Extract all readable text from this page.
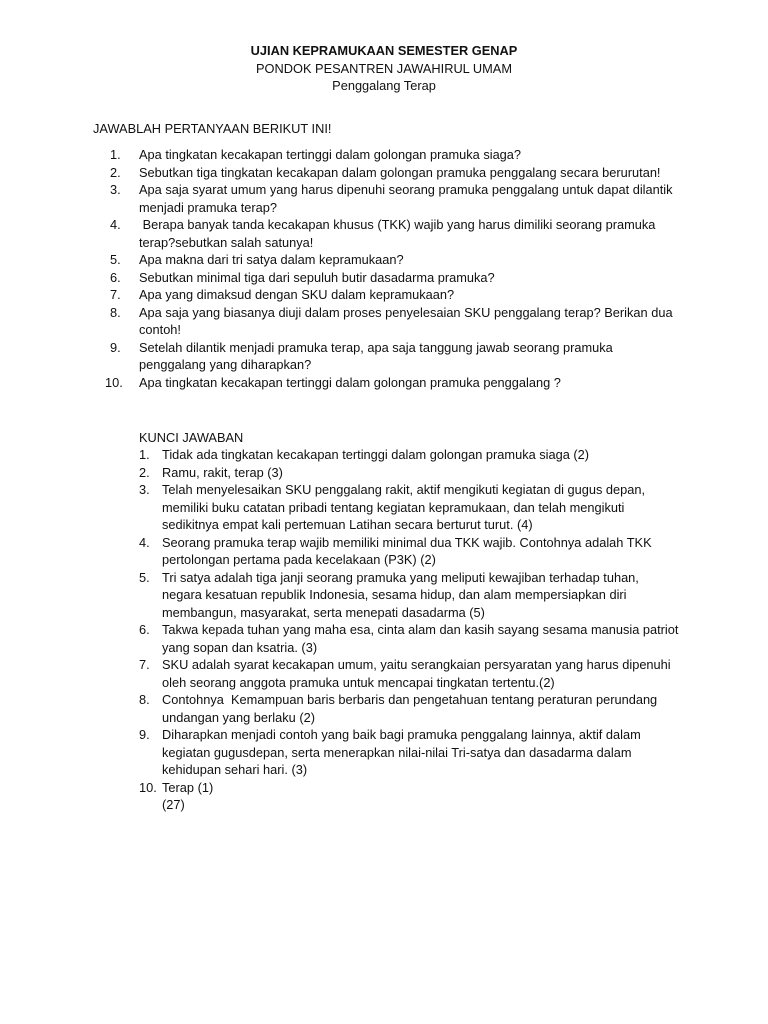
UJIAN KEPRAMUKAAN SEMESTER GENAP
PONDOK PESANTREN JAWAHIRUL UMAM
Penggalang Terap
JAWABLAH PERTANYAAN BERIKUT INI!
1.	Apa tingkatan kecakapan tertinggi dalam golongan pramuka siaga?
2.	Sebutkan tiga tingkatan kecakapan dalam golongan pramuka penggalang secara berurutan!
3.	Apa saja syarat umum yang harus dipenuhi seorang pramuka penggalang untuk dapat dilantik menjadi pramuka terap?
4.	Berapa banyak tanda kecakapan khusus (TKK) wajib yang harus dimiliki seorang pramuka terap?sebutkan salah satunya!
5.	Apa makna dari tri satya dalam kepramukaan?
6.	Sebutkan minimal tiga dari sepuluh butir dasadarma pramuka?
7.	Apa yang dimaksud dengan SKU dalam kepramukaan?
8.	Apa saja yang biasanya diuji dalam proses penyelesaian SKU penggalang terap? Berikan dua contoh!
9.	Setelah dilantik menjadi pramuka terap, apa saja tanggung jawab seorang pramuka penggalang yang diharapkan?
10.	Apa tingkatan kecakapan tertinggi dalam golongan pramuka penggalang ?
KUNCI JAWABAN
1. Tidak ada tingkatan kecakapan tertinggi dalam golongan pramuka siaga (2)
2. Ramu, rakit, terap (3)
3. Telah menyelesaikan SKU penggalang rakit, aktif mengikuti kegiatan di gugus depan, memiliki buku catatan pribadi tentang kegiatan kepramukaan, dan telah mengikuti sedikitnya empat kali pertemuan Latihan secara berturut turut. (4)
4. Seorang pramuka terap wajib memiliki minimal dua TKK wajib. Contohnya adalah TKK pertolongan pertama pada kecelakaan (P3K) (2)
5. Tri satya adalah tiga janji seorang pramuka yang meliputi kewajiban terhadap tuhan, negara kesatuan republik Indonesia, sesama hidup, dan alam mempersiapkan diri membangun, masyarakat, serta menepati dasadarma (5)
6. Takwa kepada tuhan yang maha esa, cinta alam dan kasih sayang sesama manusia patriot yang sopan dan ksatria. (3)
7. SKU adalah syarat kecakapan umum, yaitu serangkaian persyaratan yang harus dipenuhi oleh seorang anggota pramuka untuk mencapai tingkatan tertentu.(2)
8. Contohnya  Kemampuan baris berbaris dan pengetahuan tentang peraturan perundang undangan yang berlaku (2)
9. Diharapkan menjadi contoh yang baik bagi pramuka penggalang lainnya, aktif dalam kegiatan gugusdepan, serta menerapkan nilai-nilai Tri-satya dan dasadarma dalam kehidupan sehari hari. (3)
10. Terap (1)
(27)
